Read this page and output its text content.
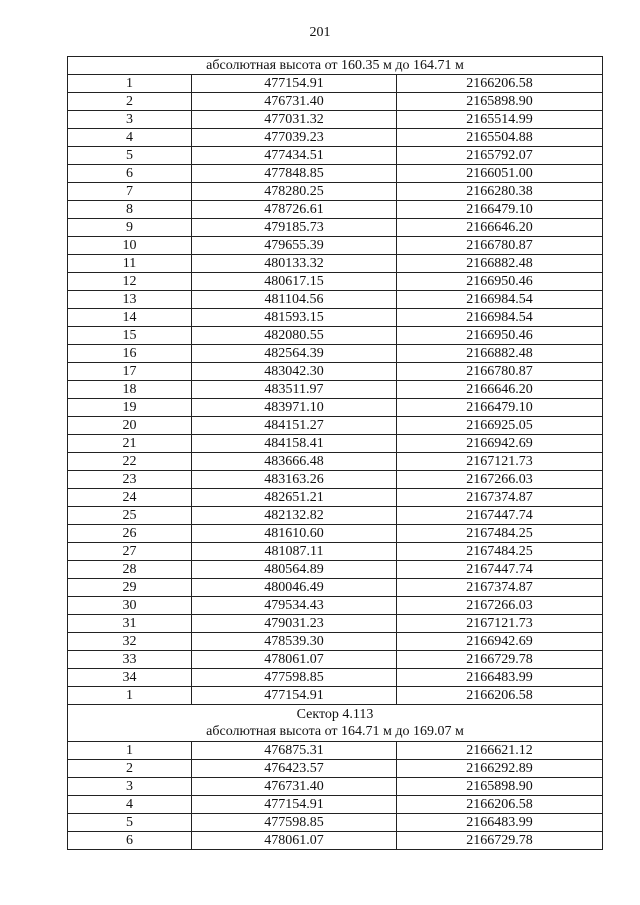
201
абсолютная высота от 160.35 м до 164.71 м		

1	477154.91	2166206.58
2	476731.40	2165898.90
3	477031.32	2165514.99
4	477039.23	2165504.88
5	477434.51	2165792.07
6	477848.85	2166051.00
7	478280.25	2166280.38
8	478726.61	2166479.10
9	479185.73	2166646.20
10	479655.39	2166780.87
11	480133.32	2166882.48
12	480617.15	2166950.46
13	481104.56	2166984.54
14	481593.15	2166984.54
15	482080.55	2166950.46
16	482564.39	2166882.48
17	483042.30	2166780.87
18	483511.97	2166646.20
19	483971.10	2166479.10
20	484151.27	2166925.05
21	484158.41	2166942.69
22	483666.48	2167121.73
23	483163.26	2167266.03
24	482651.21	2167374.87
25	482132.82	2167447.74
26	481610.60	2167484.25
27	481087.11	2167484.25
28	480564.89	2167447.74
29	480046.49	2167374.87
30	479534.43	2167266.03
31	479031.23	2167121.73
32	478539.30	2166942.69
33	478061.07	2166729.78
34	477598.85	2166483.99
1	477154.91	2166206.58

Сектор 4.113
абсолютная высота от 164.71 м до 169.07 м		

1	476875.31	2166621.12
2	476423.57	2166292.89
3	476731.40	2165898.90
4	477154.91	2166206.58
5	477598.85	2166483.99
6	478061.07	2166729.78
